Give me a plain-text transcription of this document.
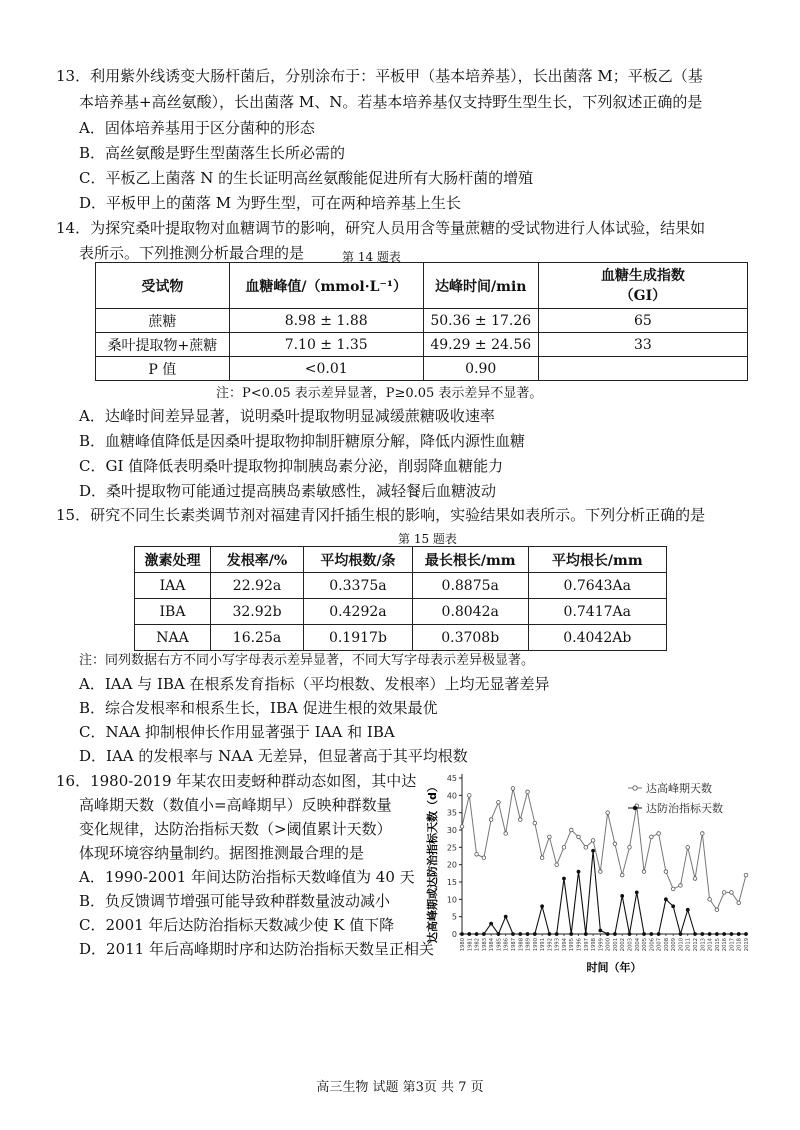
13．利用紫外线诱变大肠杆菌后，分别涂布于：平板甲（基本培养基），长出菌落 M；平板乙（基
本培养基+高丝氨酸），长出菌落 M、N。若基本培养基仅支持野生型生长，下列叙述正确的是
A．固体培养基用于区分菌种的形态
B．高丝氨酸是野生型菌落生长所必需的
C．平板乙上菌落 N 的生长证明高丝氨酸能促进所有大肠杆菌的增殖
D．平板甲上的菌落 M 为野生型，可在两种培养基上生长
14．为探究桑叶提取物对血糖调节的影响，研究人员用含等量蔗糖的受试物进行人体试验，结果如
表所示。下列推测分析最合理的是	第 14 题表
受试物	血糖峰值/（mmol·L⁻¹）	达峰时间/min	血糖生成指数
（GI）
蔗糖	8.98 ± 1.88	50.36 ± 17.26	65
桑叶提取物+蔗糖	7.10 ± 1.35	49.29 ± 24.56	33
P 值	<0.01	0.90	
注：P<0.05 表示差异显著，P≥0.05 表示差异不显著。
A．达峰时间差异显著，说明桑叶提取物明显减缓蔗糖吸收速率
B．血糖峰值降低是因桑叶提取物抑制肝糖原分解，降低内源性血糖
C．GI 值降低表明桑叶提取物抑制胰岛素分泌，削弱降血糖能力
D．桑叶提取物可能通过提高胰岛素敏感性，减轻餐后血糖波动
15．研究不同生长素类调节剂对福建青冈扦插生根的影响，实验结果如表所示。下列分析正确的是
第 15 题表
激素处理	发根率/%	平均根数/条	最长根长/mm	平均根长/mm
IAA	22.92a	0.3375a	0.8875a	0.7643Aa
IBA	32.92b	0.4292a	0.8042a	0.7417Aa
NAA	16.25a	0.1917b	0.3708b	0.4042Ab
注：同列数据右方不同小写字母表示差异显著，不同大写字母表示差异极显著。
A．IAA 与 IBA 在根系发育指标（平均根数、发根率）上均无显著差异
B．综合发根率和根系生长，IBA 促进生根的效果最优
C．NAA 抑制根伸长作用显著强于 IAA 和 IBA
D．IAA 的发根率与 NAA 无差异，但显著高于其平均根数
16．1980-2019 年某农田麦蚜种群动态如图，其中达
高峰期天数（数值小=高峰期早）反映种群数量
变化规律，达防治指标天数（>阈值累计天数）
体现环境容纳量制约。据图推测最合理的是
A．1990-2001 年间达防治指标天数峰值为 40 天
B．负反馈调节增强可能导致种群数量波动减小
C．2001 年后达防治指标天数减少使 K 值下降
D．2011 年后高峰期时序和达防治指标天数呈正相关
0
5
10
15
20
25
30
35
40
45
1980 1981 1982 1983 1984 1985 1986 1987 1988 1989 1990 1991 1992 1993 1994 1995 1996 1997 1998 1999 2000 2001 2002 2003 2004 2005 2006 2007 2008 2009 2010 2011 2012 2013 2014 2015 2016 2017 2018 2019
达高峰期天数
达防治指标天数
达高峰期或达防治指标天数（d）
时间（年）
高三生物 试题 第3页 共 7 页
